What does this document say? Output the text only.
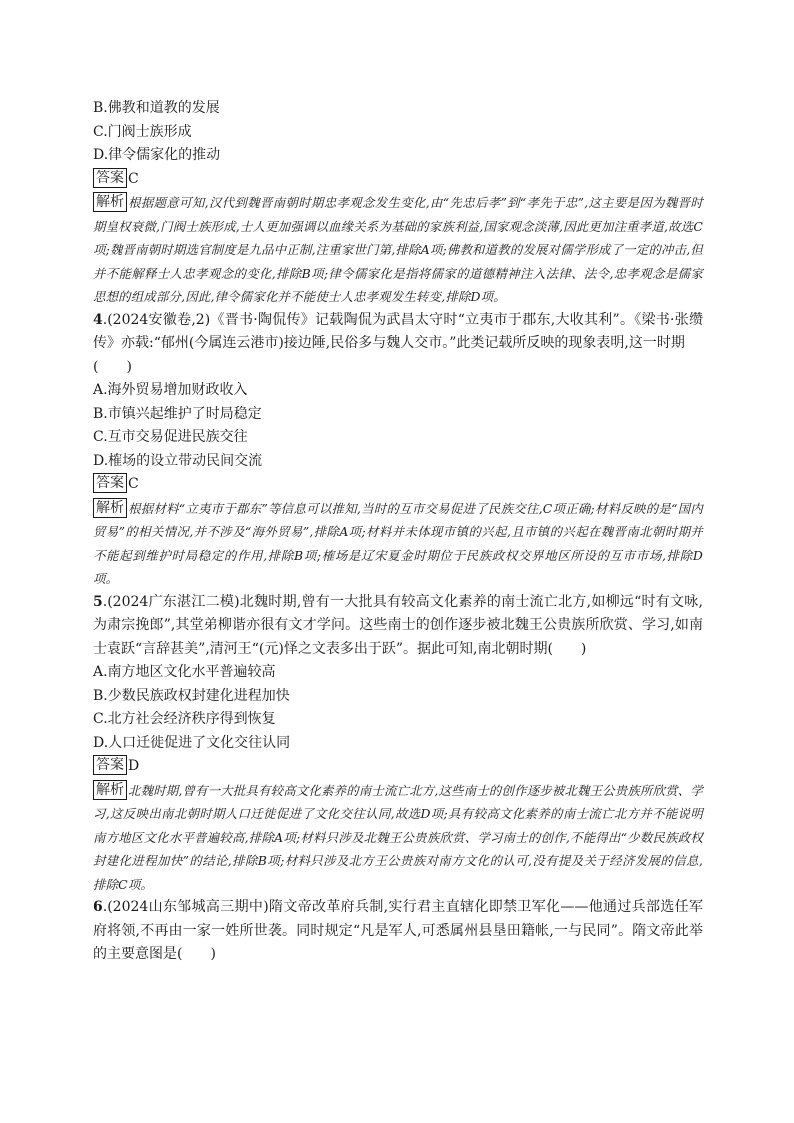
B.佛教和道教的发展

C.门阀士族形成

D.律令儒家化的推动

答案 C

解析 根据题意可知,汉代到魏晋南朝时期忠孝观念发生变化,由“先忠后孝”到“孝先于忠”,这主要是因为魏晋时期皇权衰微,门阀士族形成,士人更加强调以血缘关系为基础的家族利益,国家观念淡薄,因此更加注重孝道,故选C项;魏晋南朝时期选官制度是九品中正制,注重家世门第,排除A项;佛教和道教的发展对儒学形成了一定的冲击,但并不能解释士人忠孝观念的变化,排除B项;律令儒家化是指将儒家的道德精神注入法律、法令,忠孝观念是儒家思想的组成部分,因此,律令儒家化并不能使士人忠孝观发生转变,排除D项。

4.(2024安徽卷,2)《晋书·陶侃传》记载陶侃为武昌太守时“立夷市于郡东,大收其利”。《梁书·张缵传》亦载:“郁州(今属连云港市)接边陲,民俗多与魏人交市。”此类记载所反映的现象表明,这一时期

(　　)

A.海外贸易增加财政收入

B.市镇兴起维护了时局稳定

C.互市交易促进民族交往

D.榷场的设立带动民间交流

答案 C

解析 根据材料“立夷市于郡东”等信息可以推知,当时的互市交易促进了民族交往,C项正确;材料反映的是“国内贸易”的相关情况,并不涉及“海外贸易”,排除A项;材料并未体现市镇的兴起,且市镇的兴起在魏晋南北朝时期并不能起到维护时局稳定的作用,排除B项;榷场是辽宋夏金时期位于民族政权交界地区所设的互市市场,排除D项。

5.(2024广东湛江二模)北魏时期,曾有一大批具有较高文化素养的南士流亡北方,如柳远“时有文咏,为肃宗挽郎”,其堂弟柳谐亦很有文才学问。这些南士的创作逐步被北魏王公贵族所欣赏、学习,如南士袁跃“言辞甚美”,清河王“(元)怿之文表多出于跃”。据此可知,南北朝时期(　　)

A.南方地区文化水平普遍较高

B.少数民族政权封建化进程加快

C.北方社会经济秩序得到恢复

D.人口迁徙促进了文化交往认同

答案 D

解析 北魏时期,曾有一大批具有较高文化素养的南士流亡北方,这些南士的创作逐步被北魏王公贵族所欣赏、学习,这反映出南北朝时期人口迁徙促进了文化交往认同,故选D项;具有较高文化素养的南士流亡北方并不能说明南方地区文化水平普遍较高,排除A项;材料只涉及北魏王公贵族欣赏、学习南士的创作,不能得出“少数民族政权封建化进程加快”的结论,排除B项;材料只涉及北方王公贵族对南方文化的认可,没有提及关于经济发展的信息,排除C项。

6.(2024山东邹城高三期中)隋文帝改革府兵制,实行君主直辖化即禁卫军化——他通过兵部选任军府将领,不再由一家一姓所世袭。同时规定“凡是军人,可悉属州县垦田籍帐,一与民同”。隋文帝此举的主要意图是(　　)
